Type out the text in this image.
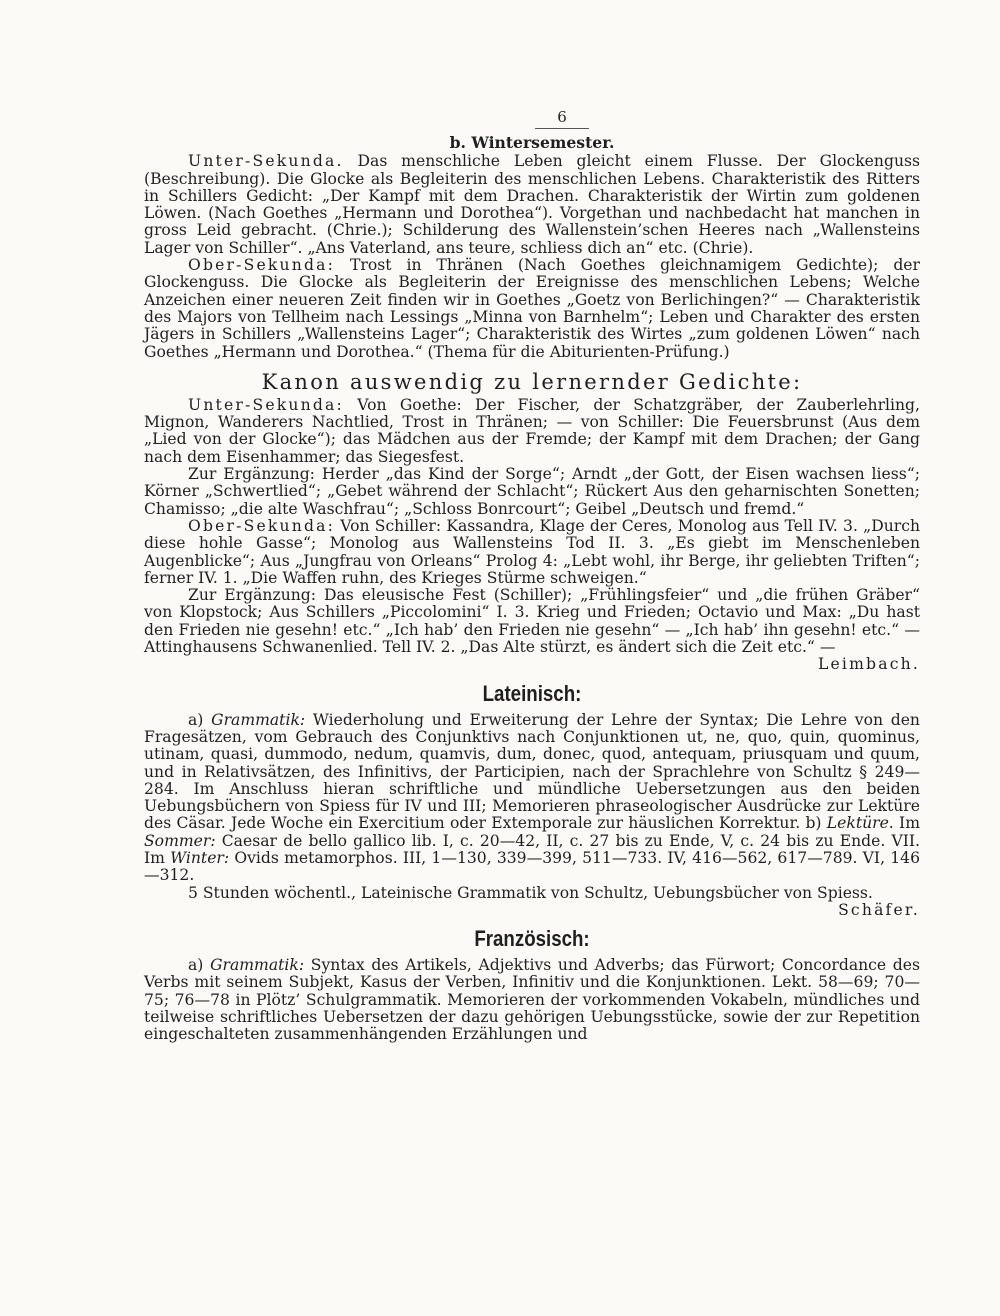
6
b. Wintersemester.

Unter-Sekunda. Das menschliche Leben gleicht einem Flusse. Der Glockenguss (Beschreibung). Die Glocke als Begleiterin des menschlichen Lebens. Charakteristik des Ritters in Schillers Gedicht: „Der Kampf mit dem Drachen. Charakteristik der Wirtin zum goldenen Löwen. (Nach Goethes „Hermann und Dorothea“). Vorgethan und nachbedacht hat manchen in gross Leid gebracht. (Chrie.); Schilderung des Wallenstein’schen Heeres nach „Wallensteins Lager von Schiller“. „Ans Vaterland, ans teure, schliess dich an“ etc. (Chrie).

Ober-Sekunda: Trost in Thränen (Nach Goethes gleichnamigem Gedichte); der Glockenguss. Die Glocke als Begleiterin der Ereignisse des menschlichen Lebens; Welche Anzeichen einer neueren Zeit finden wir in Goethes „Goetz von Berlichingen?“ — Charakteristik des Majors von Tellheim nach Lessings „Minna von Barnhelm“; Leben und Charakter des ersten Jägers in Schillers „Wallensteins Lager“; Charakteristik des Wirtes „zum goldenen Löwen“ nach Goethes „Hermann und Dorothea.“ (Thema für die Abiturienten-Prüfung.)

Kanon auswendig zu lernernder Gedichte:

Unter-Sekunda: Von Goethe: Der Fischer, der Schatzgräber, der Zauberlehrling, Mignon, Wanderers Nachtlied, Trost in Thränen; — von Schiller: Die Feuersbrunst (Aus dem „Lied von der Glocke“); das Mädchen aus der Fremde; der Kampf mit dem Drachen; der Gang nach dem Eisenhammer; das Siegesfest.

Zur Ergänzung: Herder „das Kind der Sorge“; Arndt „der Gott, der Eisen wachsen liess“; Körner „Schwertlied“; „Gebet während der Schlacht“; Rückert Aus den geharnischten Sonetten; Chamisso; „die alte Waschfrau“; „Schloss Bonrcourt“; Geibel „Deutsch und fremd.“

Ober-Sekunda: Von Schiller: Kassandra, Klage der Ceres, Monolog aus Tell IV. 3. „Durch diese hohle Gasse“; Monolog aus Wallensteins Tod II. 3. „Es giebt im Menschenleben Augenblicke“; Aus „Jungfrau von Orleans“ Prolog 4: „Lebt wohl, ihr Berge, ihr geliebten Triften“; ferner IV. 1. „Die Waffen ruhn, des Krieges Stürme schweigen.“

Zur Ergänzung: Das eleusische Fest (Schiller); „Frühlingsfeier“ und „die frühen Gräber“ von Klopstock; Aus Schillers „Piccolomini“ I. 3. Krieg und Frieden; Octavio und Max: „Du hast den Frieden nie gesehn! etc.“ „Ich hab’ den Frieden nie gesehn“ — „Ich hab’ ihn gesehn! etc.“ — Attinghausens Schwanenlied. Tell IV. 2. „Das Alte stürzt, es ändert sich die Zeit etc.“ —

Leimbach.

Lateinisch:

a) Grammatik: Wiederholung und Erweiterung der Lehre der Syntax; Die Lehre von den Fragesätzen, vom Gebrauch des Conjunktivs nach Conjunktionen ut, ne, quo, quin, quominus, utinam, quasi, dummodo, nedum, quamvis, dum, donec, quod, antequam, priusquam und quum, und in Relativsätzen, des Infinitivs, der Participien, nach der Sprachlehre von Schultz § 249—284. Im Anschluss hieran schriftliche und mündliche Uebersetzungen aus den beiden Uebungsbüchern von Spiess für IV und III; Memorieren phraseologischer Ausdrücke zur Lektüre des Cäsar. Jede Woche ein Exercitium oder Extemporale zur häuslichen Korrektur. b) Lektüre. Im Sommer: Caesar de bello gallico lib. I, c. 20—42, II, c. 27 bis zu Ende, V, c. 24 bis zu Ende. VII. Im Winter: Ovids metamorphos. III, 1—130, 339—399, 511—733. IV, 416—562, 617—789. VI, 146—312.

5 Stunden wöchentl., Lateinische Grammatik von Schultz, Uebungsbücher von Spiess.

Schäfer.

Französisch:

a) Grammatik: Syntax des Artikels, Adjektivs und Adverbs; das Fürwort; Concordance des Verbs mit seinem Subjekt, Kasus der Verben, Infinitiv und die Konjunktionen. Lekt. 58—69; 70—75; 76—78 in Plötz’ Schulgrammatik. Memorieren der vorkommenden Vokabeln, mündliches und teilweise schriftliches Uebersetzen der dazu gehörigen Uebungsstücke, sowie der zur Repetition eingeschalteten zusammenhängenden Erzählungen und
